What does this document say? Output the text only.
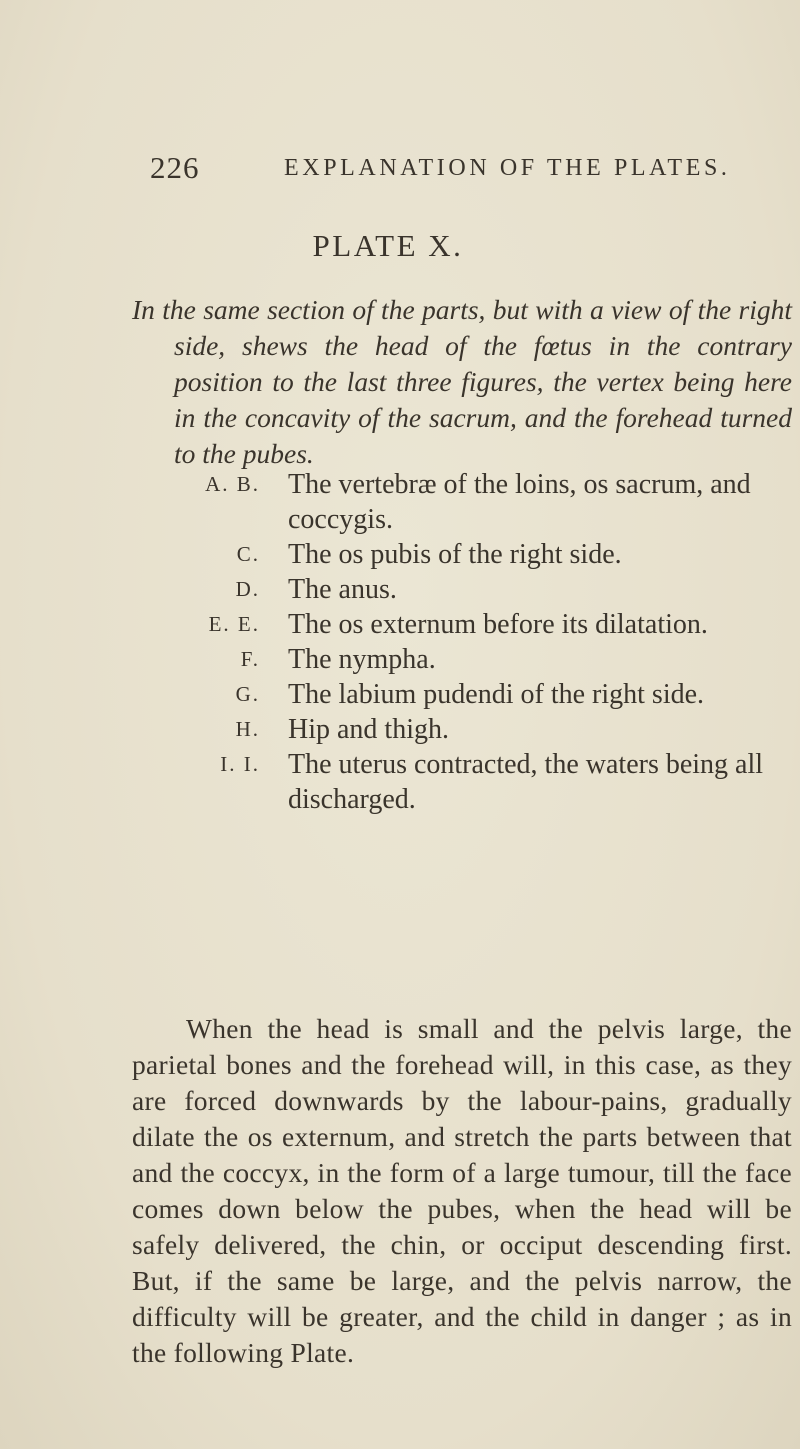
226	EXPLANATION OF THE PLATES.
PLATE X.
In the same section of the parts, but with a view of the right side, shews the head of the fœtus in the contrary position to the last three figures, the vertex being here in the concavity of the sacrum, and the forehead turned to the pubes.
A. B. The vertebræ of the loins, os sacrum, and
coccygis.
C. The os pubis of the right side.
D. The anus.
E. E. The os externum before its dilatation.
F. The nympha.
G. The labium pudendi of the right side.
H. Hip and thigh.
I. I. The uterus contracted, the waters being all
discharged.
When the head is small and the pelvis large, the parietal bones and the forehead will, in this case, as they are forced downwards by the labour-pains, gradually dilate the os externum, and stretch the parts between that and the coccyx, in the form of a large tumour, till the face comes down below the pubes, when the head will be safely delivered, the chin, or occiput descending first. But, if the same be large, and the pelvis narrow, the difficulty will be greater, and the child in danger ; as in the following Plate.
